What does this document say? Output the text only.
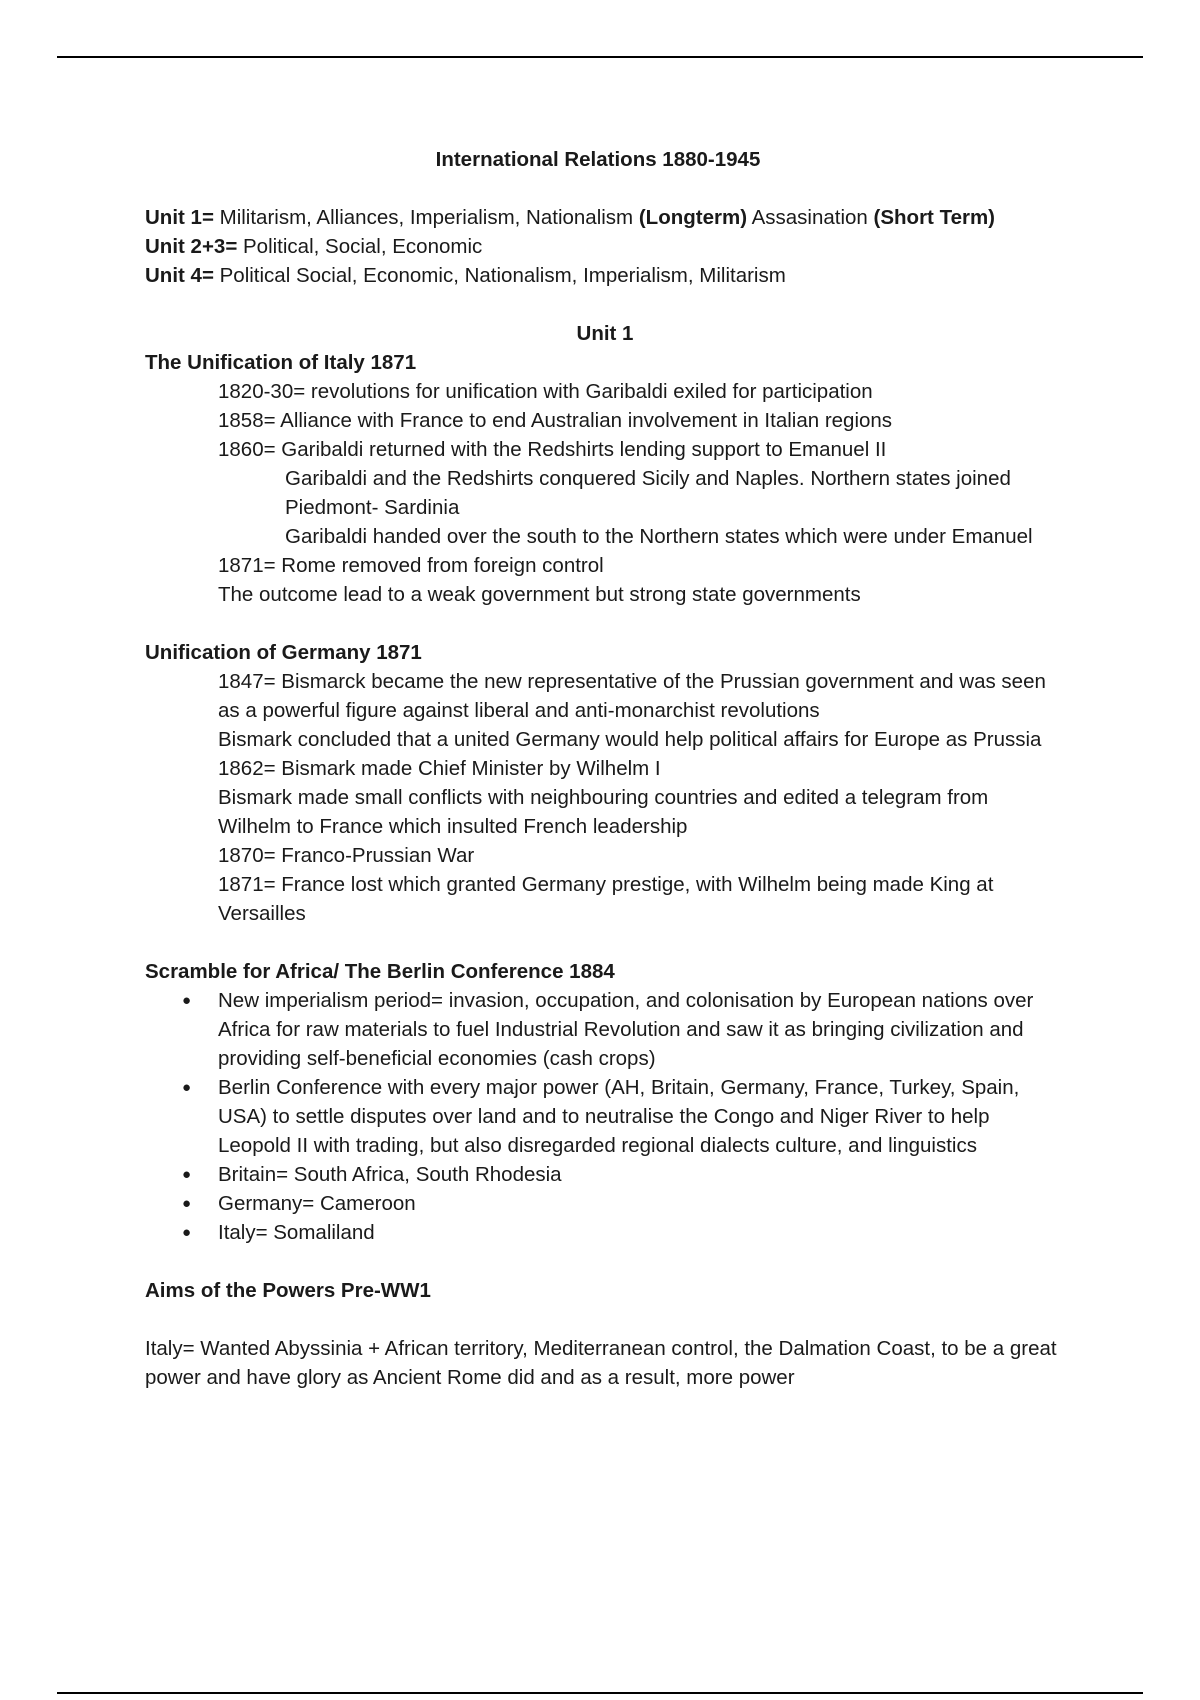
International Relations 1880-1945

Unit 1= Militarism, Alliances, Imperialism, Nationalism (Longterm) Assasination (Short Term)

Unit 2+3= Political, Social, Economic

Unit 4= Political Social, Economic, Nationalism, Imperialism, Militarism

Unit 1

The Unification of Italy 1871

1820-30= revolutions for unification with Garibaldi exiled for participation

1858= Alliance with France to end Australian involvement in Italian regions

1860= Garibaldi returned with the Redshirts lending support to Emanuel II

Garibaldi and the Redshirts conquered Sicily and Naples. Northern states joined Piedmont- Sardinia

Garibaldi handed over the south to the Northern states which were under Emanuel

1871= Rome removed from foreign control

The outcome lead to a weak government but strong state governments

Unification of Germany 1871

1847= Bismarck became the new representative of the Prussian government and was seen as a powerful figure against liberal and anti-monarchist revolutions

Bismark concluded that a united Germany would help political affairs for Europe as Prussia

1862= Bismark made Chief Minister by Wilhelm I

Bismark made small conflicts with neighbouring countries and edited a telegram from Wilhelm to France which insulted French leadership

1870= Franco-Prussian War

1871= France lost which granted Germany prestige, with Wilhelm being made King at Versailles

Scramble for Africa/ The Berlin Conference 1884

● New imperialism period= invasion, occupation, and colonisation by European nations over Africa for raw materials to fuel Industrial Revolution and saw it as bringing civilization and providing self-beneficial economies (cash crops)
● Berlin Conference with every major power (AH, Britain, Germany, France, Turkey, Spain, USA) to settle disputes over land and to neutralise the Congo and Niger River to help Leopold II with trading, but also disregarded regional dialects culture, and linguistics
● Britain= South Africa, South Rhodesia
● Germany= Cameroon
● Italy= Somaliland

Aims of the Powers Pre-WW1

Italy= Wanted Abyssinia + African territory, Mediterranean control, the Dalmation Coast, to be a great power and have glory as Ancient Rome did and as a result, more power
